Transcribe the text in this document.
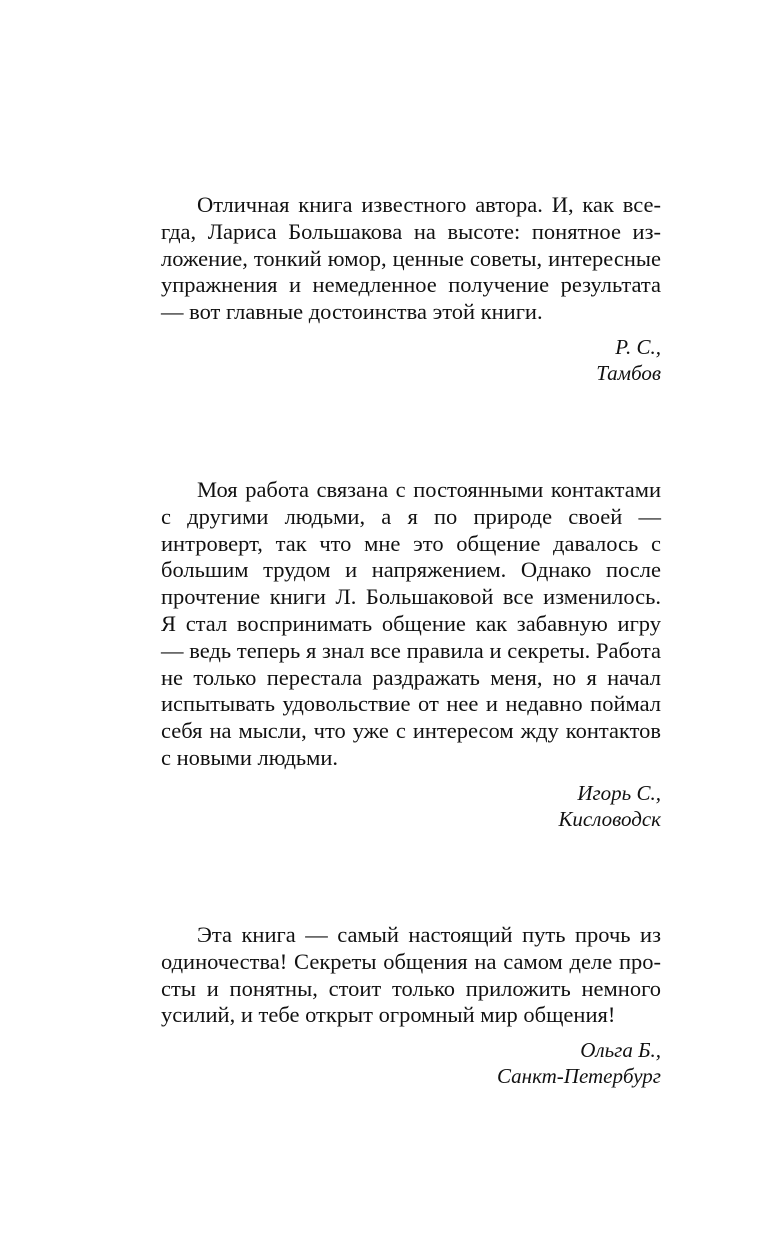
Отличная книга известного автора. И, как всегда, Лариса Большакова на высоте: понятное изложение, тонкий юмор, ценные советы, интересные упражнения и немедленное получение результата — вот главные достоинства этой книги.

Р. С.,
Тамбов

Моя работа связана с постоянными контактами с другими людьми, а я по природе своей — интроверт, так что мне это общение давалось с большим трудом и напряжением. Однако после прочтение книги Л. Большаковой все изменилось. Я стал воспринимать общение как забавную игру — ведь теперь я знал все правила и секреты. Работа не только перестала раздражать меня, но я начал испытывать удовольствие от нее и недавно поймал себя на мысли, что уже с интересом жду контактов с новыми людьми.

Игорь С.,
Кисловодск

Эта книга — самый настоящий путь прочь из одиночества! Секреты общения на самом деле просты и понятны, стоит только приложить немного усилий, и тебе открыт огромный мир общения!

Ольга Б.,
Санкт-Петербург
